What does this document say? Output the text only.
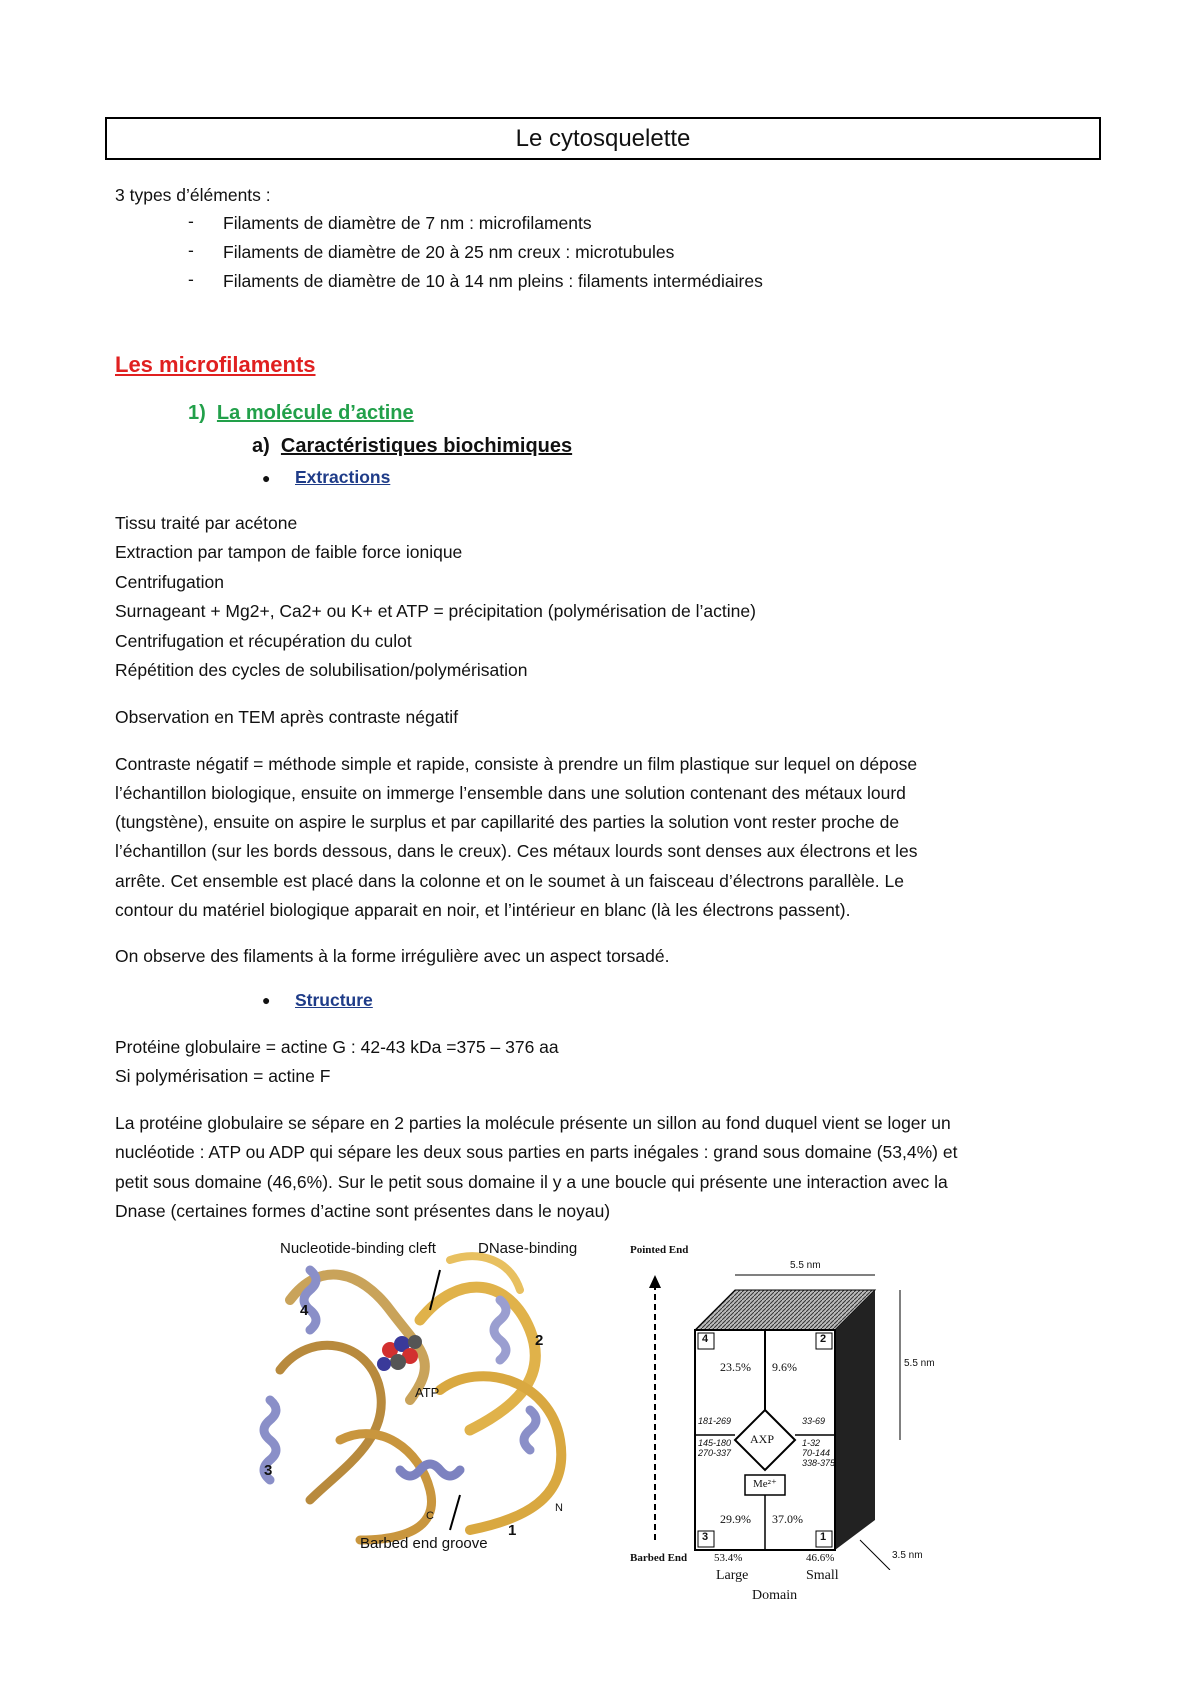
Le cytosquelette
3 types d’éléments :
- Filaments de diamètre de 7 nm : microfilaments
- Filaments de diamètre de 20 à 25 nm creux : microtubules
- Filaments de diamètre de 10 à 14 nm pleins : filaments intermédiaires
Les microfilaments
1) La molécule d’actine
a) Caractéristiques biochimiques
● Extractions
Tissu traité par acétone
Extraction par tampon de faible force ionique
Centrifugation
Surnageant + Mg2+, Ca2+ ou K+ et ATP = précipitation (polymérisation de l’actine)
Centrifugation et récupération du culot
Répétition des cycles de solubilisation/polymérisation
Observation en TEM après contraste négatif
Contraste négatif = méthode simple et rapide, consiste à prendre un film plastique sur lequel on dépose
l’échantillon biologique, ensuite on immerge l’ensemble dans une solution contenant des métaux lourd
(tungstène), ensuite on aspire le surplus et par capillarité des parties la solution vont rester proche de
l’échantillon (sur les bords dessous, dans le creux). Ces métaux lourds sont denses aux électrons et les
arrête. Cet ensemble est placé dans la colonne et on le soumet à un faisceau d’électrons parallèle. Le
contour du matériel biologique apparait en noir, et l’intérieur en blanc (là les électrons passent).
On observe des filaments à la forme irrégulière avec un aspect torsadé.
● Structure
Protéine globulaire = actine G : 42-43 kDa =375 – 376 aa
Si polymérisation = actine F
La protéine globulaire se sépare en 2 parties la molécule présente un sillon au fond duquel vient se loger un
nucléotide : ATP ou ADP qui sépare les deux sous parties en parts inégales : grand sous domaine (53,4%) et
petit sous domaine (46,6%). Sur le petit sous domaine il y a une boucle qui présente une interaction avec la
Dnase (certaines formes d’actine sont présentes dans le noyau)
Nucleotide-binding cleft	DNase-binding
ATP
Barbed end groove
1
2
3
4
C
N
Pointed End
Barbed End
5.5 nm
5.5 nm
3.5 nm
4	2
3	1
23.5% 9.6%
29.9% 37.0%
AXP
Me²⁺
181-269
145-180
270-337
33-69
1-32
70-144
338-375
53.4%	46.6%
Large	Small
Domain
